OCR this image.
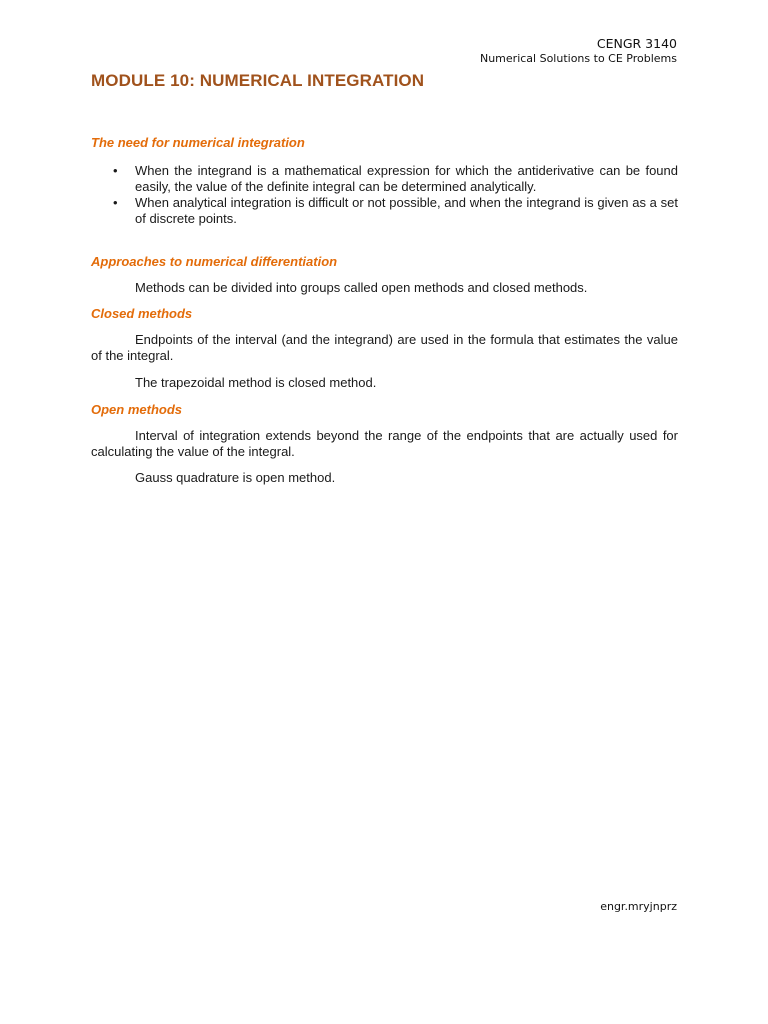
CENGR 3140
Numerical Solutions to CE Problems
MODULE 10: NUMERICAL INTEGRATION
The need for numerical integration
• When the integrand is a mathematical expression for which the antiderivative can be found easily, the value of the definite integral can be determined analytically.
• When analytical integration is difficult or not possible, and when the integrand is given as a set of discrete points.
Approaches to numerical differentiation

Methods can be divided into groups called open methods and closed methods.

Closed methods

Endpoints of the interval (and the integrand) are used in the formula that estimates the value of the integral.

The trapezoidal method is closed method.

Open methods

Interval of integration extends beyond the range of the endpoints that are actually used for calculating the value of the integral.

Gauss quadrature is open method.

engr.mryjnprz
